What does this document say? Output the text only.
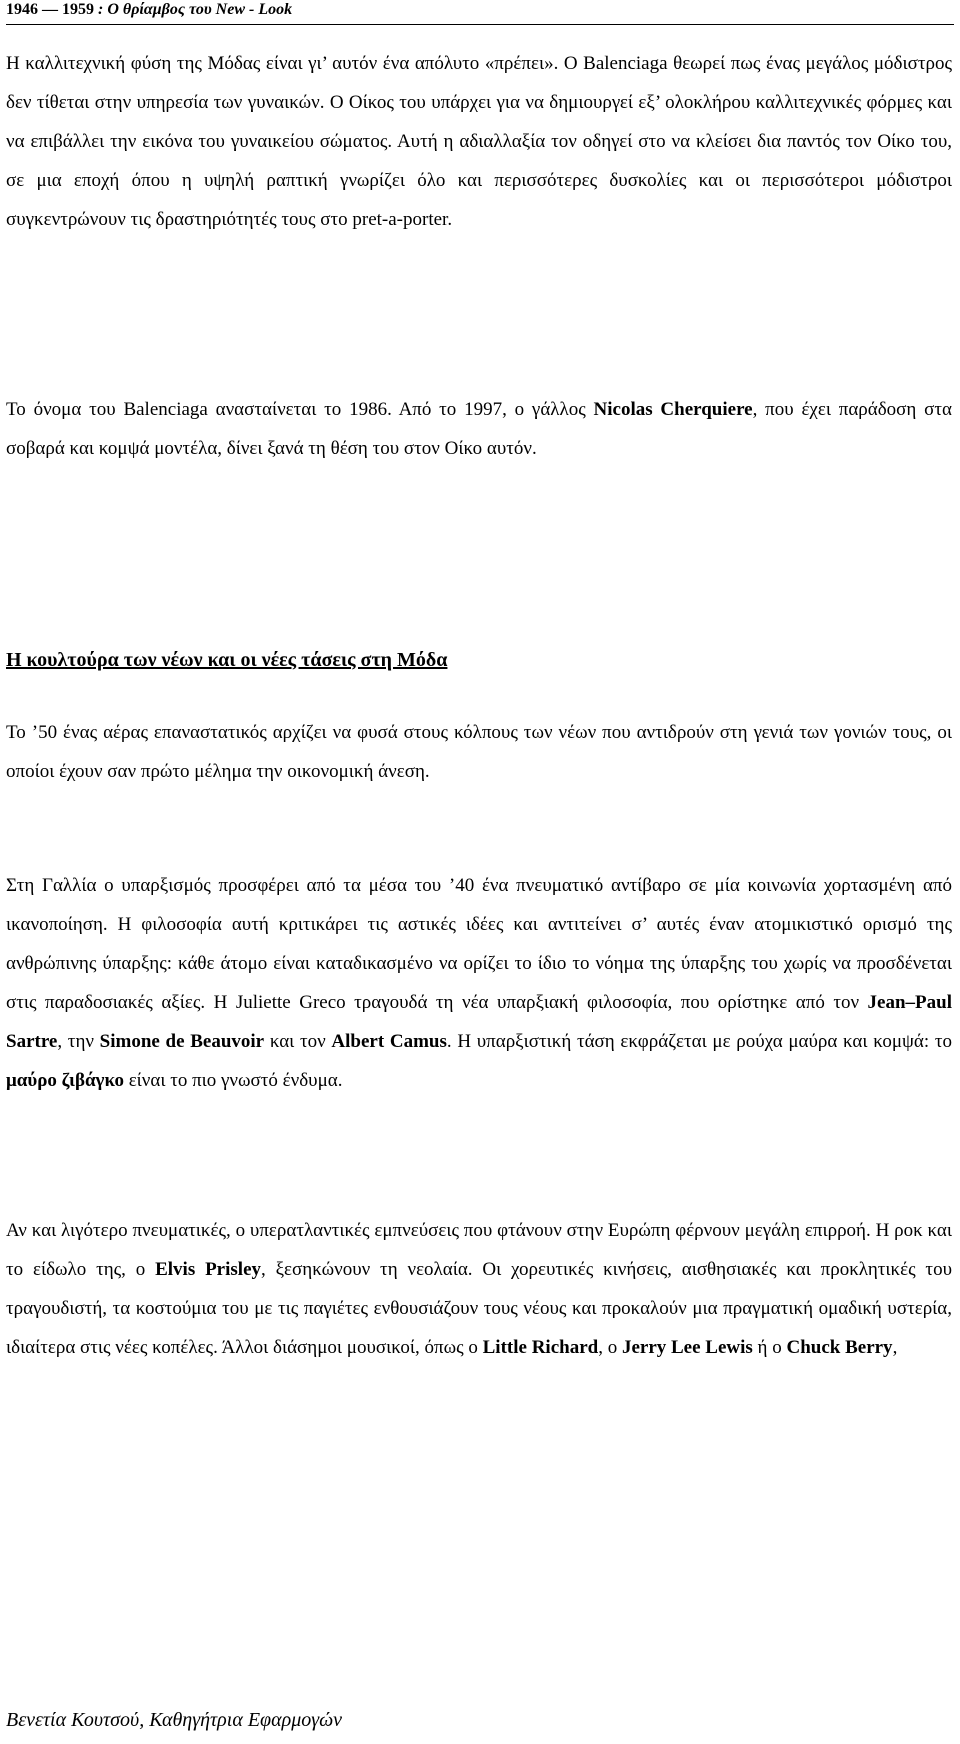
1946 — 1959 : Ο θρίαμβος του New - Look

Η καλλιτεχνική φύση της Μόδας είναι γι’ αυτόν ένα απόλυτο «πρέπει». Ο Balenciaga θεωρεί πως ένας μεγάλος μόδιστρος δεν τίθεται στην υπηρεσία των γυναικών. Ο Οίκος του υπάρχει για να δημιουργεί εξ’ ολοκλήρου καλλιτεχνικές φόρμες και να επιβάλλει την εικόνα του γυναικείου σώματος. Αυτή η αδιαλλαξία τον οδηγεί στο να κλείσει δια παντός τον Οίκο του, σε μια εποχή όπου η υψηλή ραπτική γνωρίζει όλο και περισσότερες δυσκολίες και οι περισσότεροι μόδιστροι συγκεντρώνουν τις δραστηριότητές τους στο pret-a-porter.

Το όνομα του Balenciaga ανασταίνεται το 1986. Από το 1997, ο γάλλος Nicolas Cherquiere, που έχει παράδοση στα σοβαρά και κομψά μοντέλα, δίνει ξανά τη θέση του στον Οίκο αυτόν.

Η κουλτούρα των νέων και οι νέες τάσεις στη Μόδα

Το ’50 ένας αέρας επαναστατικός αρχίζει να φυσά στους κόλπους των νέων που αντιδρούν στη γενιά των γονιών τους, οι οποίοι έχουν σαν πρώτο μέλημα την οικονομική άνεση.

Στη Γαλλία ο υπαρξισμός προσφέρει από τα μέσα του ’40 ένα πνευματικό αντίβαρο σε μία κοινωνία χορτασμένη από ικανοποίηση. Η φιλοσοφία αυτή κριτικάρει τις αστικές ιδέες και αντιτείνει σ’ αυτές έναν ατομικιστικό ορισμό της ανθρώπινης ύπαρξης: κάθε άτομο είναι καταδικασμένο να ορίζει το ίδιο το νόημα της ύπαρξης του χωρίς να προσδένεται στις παραδοσιακές αξίες. Η Juliette Greco τραγουδά τη νέα υπαρξιακή φιλοσοφία, που ορίστηκε από τον Jean–Paul Sartre, την Simone de Beauvoir και τον Albert Camus. Η υπαρξιστική τάση εκφράζεται με ρούχα μαύρα και κομψά: το μαύρο ζιβάγκο είναι το πιο γνωστό ένδυμα.

Αν και λιγότερο πνευματικές, ο υπερατλαντικές εμπνεύσεις που φτάνουν στην Ευρώπη φέρνουν μεγάλη επιρροή. Η ροκ και το είδωλο της, ο Elvis Prisley, ξεσηκώνουν τη νεολαία. Οι χορευτικές κινήσεις, αισθησιακές και προκλητικές του τραγουδιστή, τα κοστούμια του με τις παγιέτες ενθουσιάζουν τους νέους και προκαλούν μια πραγματική ομαδική υστερία, ιδιαίτερα στις νέες κοπέλες. Άλλοι διάσημοι μουσικοί, όπως ο Little Richard, ο Jerry Lee Lewis ή ο Chuck Berry,

Βενετία Κουτσού, Καθηγήτρια Εφαρμογών
